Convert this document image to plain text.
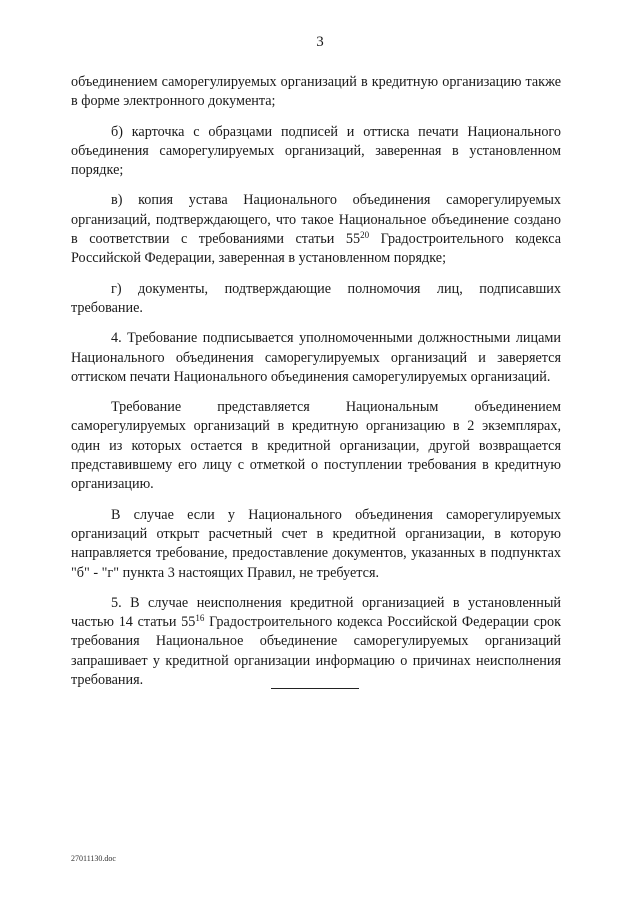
3

объединением саморегулируемых организаций в кредитную организацию также в форме электронного документа;

б) карточка с образцами подписей и оттиска печати Национального объединения саморегулируемых организаций, заверенная в установленном порядке;

в) копия устава Национального объединения саморегулируемых организаций, подтверждающего, что такое Национальное объединение создано в соответствии с требованиями статьи $55^{20}$ Градостроительного кодекса Российской Федерации, заверенная в установленном порядке;

г) документы, подтверждающие полномочия лиц, подписавших требование.

4. Требование подписывается уполномоченными должностными лицами Национального объединения саморегулируемых организаций и заверяется оттиском печати Национального объединения саморегулируемых организаций.

Требование представляется Национальным объединением саморегулируемых организаций в кредитную организацию в 2 экземплярах, один из которых остается в кредитной организации, другой возвращается представившему его лицу с отметкой о поступлении требования в кредитную организацию.

В случае если у Национального объединения саморегулируемых организаций открыт расчетный счет в кредитной организации, в которую направляется требование, предоставление документов, указанных в подпунктах "б" - "г" пункта 3 настоящих Правил, не требуется.

5. В случае неисполнения кредитной организацией в установленный частью 14 статьи $55^{16}$ Градостроительного кодекса Российской Федерации срок требования Национальное объединение саморегулируемых организаций запрашивает у кредитной организации информацию о причинах неисполнения требования.

27011130.doc
